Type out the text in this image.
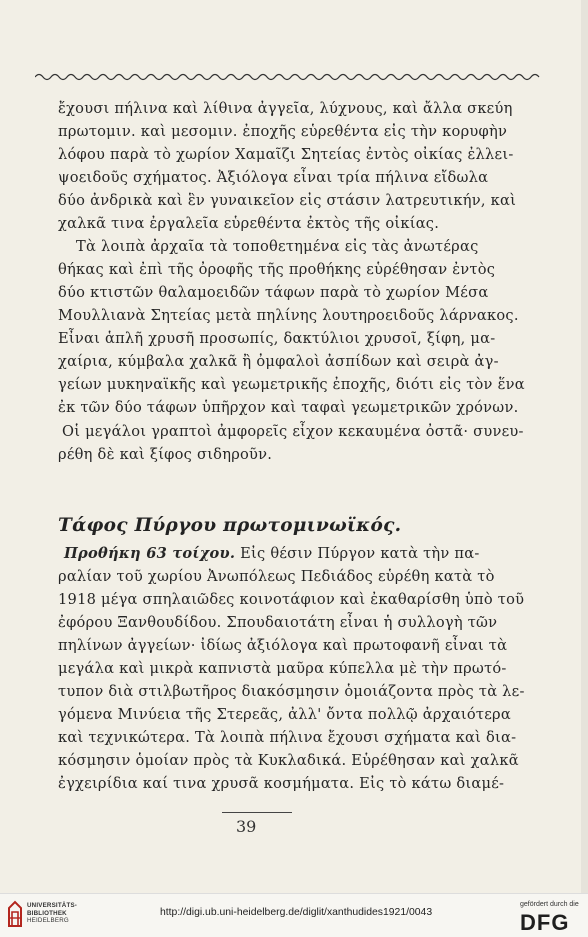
ἔχουσι πήλινα καὶ λίθινα ἀγγεῖα, λύχνους, καὶ ἄλλα σκεύη
πρωτομιν. καὶ μεσομιν. ἐποχῆς εὑρεθέντα εἰς τὴν κορυφὴν
λόφου παρὰ τὸ χωρίον Χαμαῖζι Σητείας ἐντὸς οἰκίας ἐλλει-
ψοειδοῦς σχήματος. Ἀξιόλογα εἶναι τρία πήλινα εἴδωλα
δύο ἀνδρικὰ καὶ ἓν γυναικεῖον εἰς στάσιν λατρευτικήν, καὶ
χαλκᾶ τινα ἐργαλεῖα εὑρεθέντα ἐκτὸς τῆς οἰκίας.
Τὰ λοιπὰ ἀρχαῖα τὰ τοποθετημένα εἰς τὰς ἀνωτέρας
θήκας καὶ ἐπὶ τῆς ὀροφῆς τῆς προθήκης εὑρέθησαν ἐντὸς
δύο κτιστῶν θαλαμοειδῶν τάφων παρὰ τὸ χωρίον Μέσα
Μουλλιανὰ Σητείας μετὰ πηλίνης λουτηροειδοῦς λάρνακος.
Εἶναι ἁπλῆ χρυσῆ προσωπίς, δακτύλιοι χρυσοῖ, ξίφη, μα-
χαίρια, κύμβαλα χαλκᾶ ἢ ὀμφαλοὶ ἀσπίδων καὶ σειρὰ ἀγ-
γείων μυκηναϊκῆς καὶ γεωμετρικῆς ἐποχῆς, διότι εἰς τὸν ἕνα
ἐκ τῶν δύο τάφων ὑπῆρχον καὶ ταφαὶ γεωμετρικῶν χρόνων.
Οἱ μεγάλοι γραπτοὶ ἀμφορεῖς εἶχον κεκαυμένα ὀστᾶ· συνευ-
ρέθη δὲ καὶ ξίφος σιδηροῦν.
Τάφος Πύργου πρωτομινωϊκός.
Προθήκη 63 τοίχου. Εἰς θέσιν Πύργον κατὰ τὴν πα-
ραλίαν τοῦ χωρίου Ἀνωπόλεως Πεδιάδος εὑρέθη κατὰ τὸ
1918 μέγα σπηλαιῶδες κοινοτάφιον καὶ ἐκαθαρίσθη ὑπὸ τοῦ
ἐφόρου Ξανθουδίδου. Σπουδαιοτάτη εἶναι ἡ συλλογὴ τῶν
πηλίνων ἀγγείων· ἰδίως ἀξιόλογα καὶ πρωτοφανῆ εἶναι τὰ
μεγάλα καὶ μικρὰ καπνιστὰ μαῦρα κύπελλα μὲ τὴν πρωτό-
τυπον διὰ στιλβωτῆρος διακόσμησιν ὁμοιάζοντα πρὸς τὰ λε-
γόμενα Μινύεια τῆς Στερεᾶς, ἀλλ' ὄντα πολλῷ ἀρχαιότερα
καὶ τεχνικώτερα. Τὰ λοιπὰ πήλινα ἔχουσι σχήματα καὶ δια-
κόσμησιν ὁμοίαν πρὸς τὰ Κυκλαδικά. Εὑρέθησαν καὶ χαλκᾶ
ἐγχειρίδια καί τινα χρυσᾶ κοσμήματα. Εἰς τὸ κάτω διαμέ-
39
UNIVERSITÄTS-
BIBLIOTHEK
HEIDELBERG
http://digi.ub.uni-heidelberg.de/diglit/xanthudides1921/0043
gefördert durch die
DFG
